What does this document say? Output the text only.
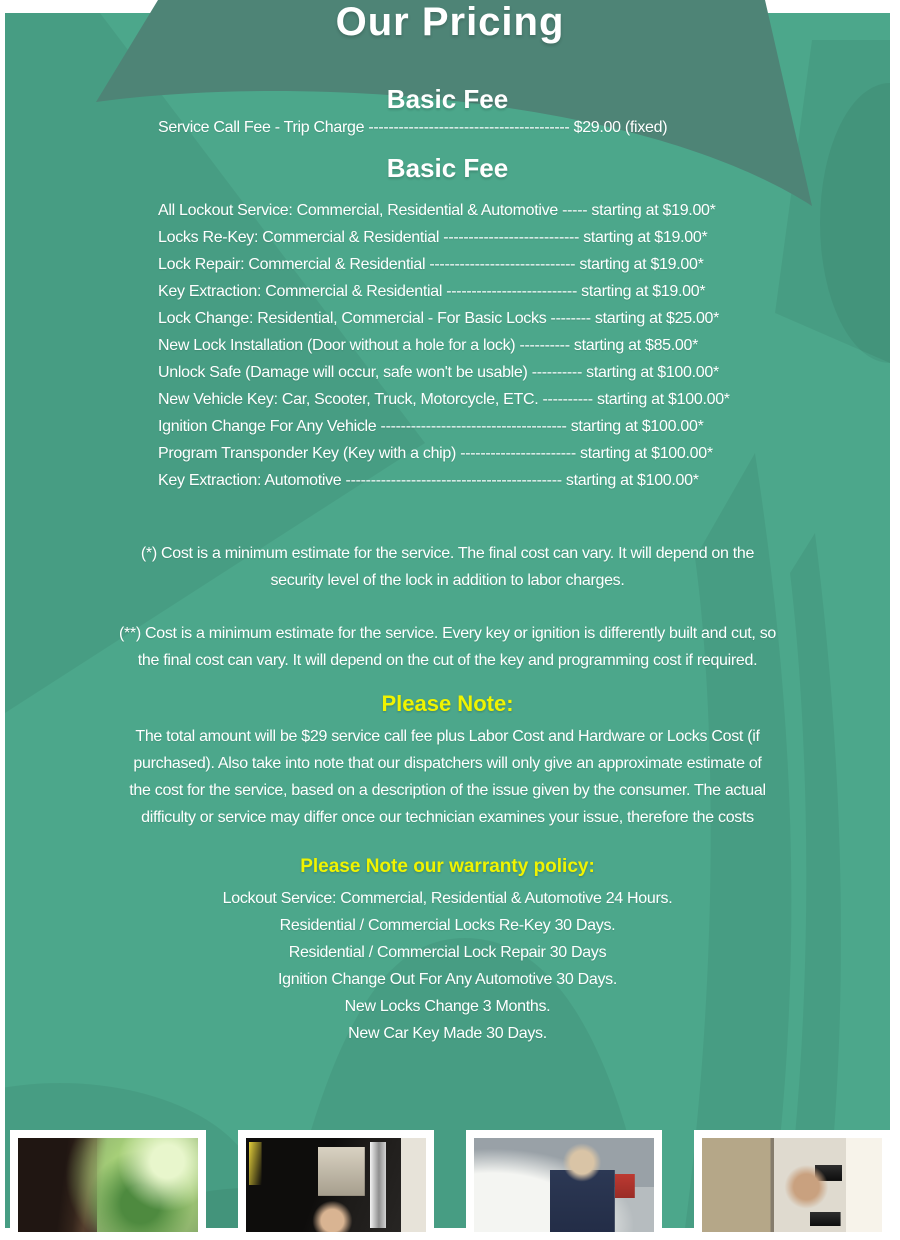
Our Pricing
Basic Fee
Service Call Fee - Trip Charge ---------------------------------------- $29.00 (fixed)
Basic Fee
All Lockout Service: Commercial, Residential & Automotive ----- starting at $19.00*
Locks Re-Key: Commercial & Residential --------------------------- starting at $19.00*
Lock Repair: Commercial & Residential ----------------------------- starting at $19.00*
Key Extraction: Commercial & Residential -------------------------- starting at $19.00*
Lock Change: Residential, Commercial - For Basic Locks -------- starting at $25.00*
New Lock Installation (Door without a hole for a lock) ---------- starting at $85.00*
Unlock Safe (Damage will occur, safe won't be usable) ---------- starting at $100.00*
New Vehicle Key: Car, Scooter, Truck, Motorcycle, ETC. ---------- starting at $100.00*
Ignition Change For Any Vehicle ------------------------------------- starting at $100.00*
Program Transponder Key (Key with a chip) ----------------------- starting at $100.00*
Key Extraction: Automotive ------------------------------------------- starting at $100.00*
(*) Cost is a minimum estimate for the service. The final cost can vary. It will depend on the
security level of the lock in addition to labor charges.
(**) Cost is a minimum estimate for the service. Every key or ignition is differently built and cut, so
the final cost can vary. It will depend on the cut of the key and programming cost if required.
Please Note:
The total amount will be $29 service call fee plus Labor Cost and Hardware or Locks Cost (if
purchased). Also take into note that our dispatchers will only give an approximate estimate of
the cost for the service, based on a description of the issue given by the consumer. The actual
difficulty or service may differ once our technician examines your issue, therefore the costs
Please Note our warranty policy:
Lockout Service: Commercial, Residential & Automotive 24 Hours.
Residential / Commercial Locks Re-Key 30 Days.
Residential / Commercial Lock Repair 30 Days
Ignition Change Out For Any Automotive 30 Days.
New Locks Change 3 Months.
New Car Key Made 30 Days.
